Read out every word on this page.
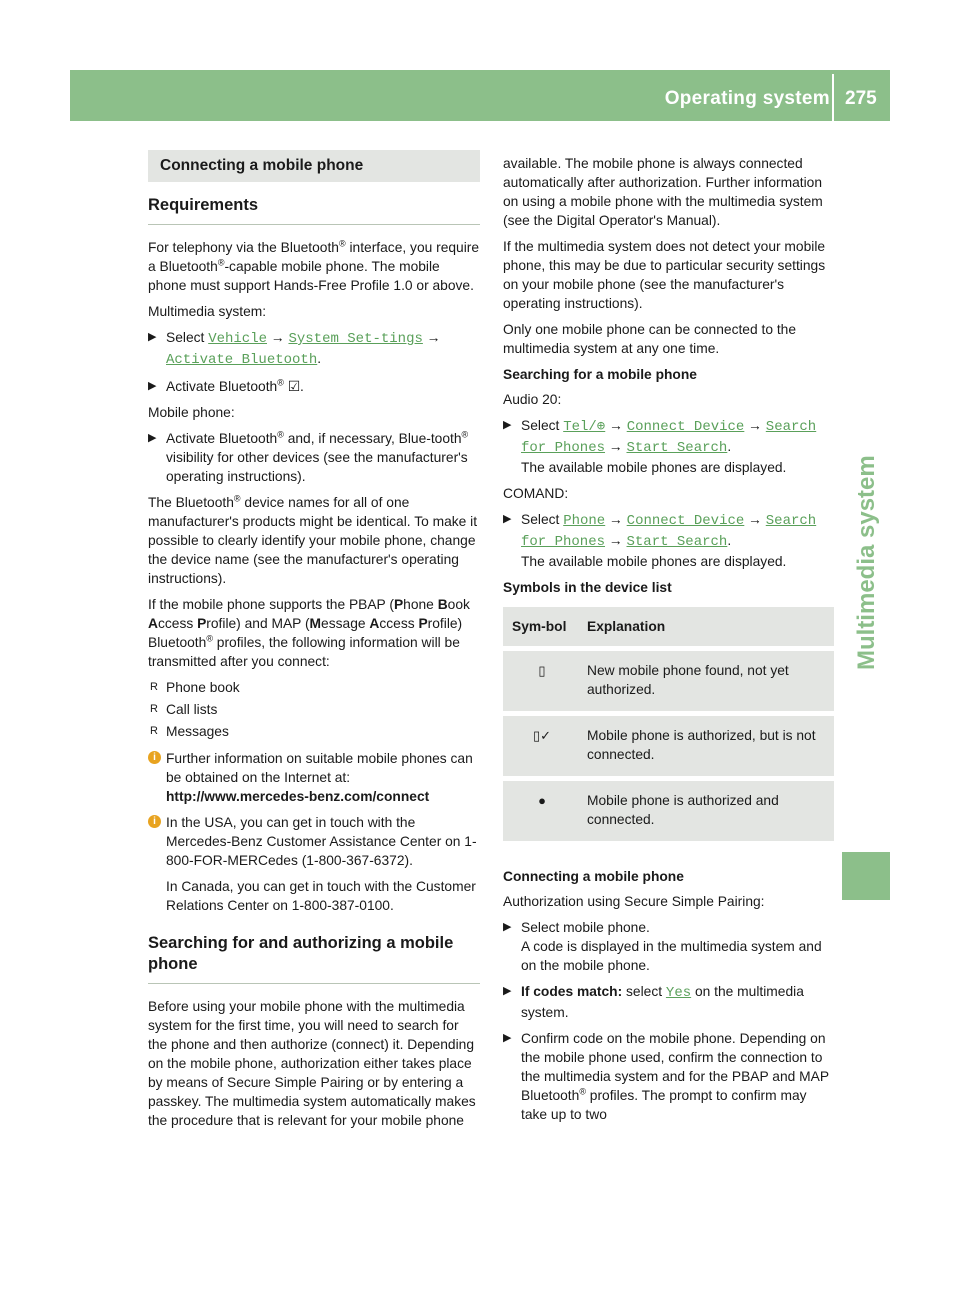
Operating system 275
Multimedia system
Connecting a mobile phone
Requirements

For telephony via the Bluetooth® interface, you require a Bluetooth®-capable mobile phone. The mobile phone must support Hands-Free Profile 1.0 or above.

Multimedia system:

▶ Select Vehicle → System Set‑tings → Activate Bluetooth.
▶ Activate Bluetooth® ☑.

Mobile phone:

▶ Activate Bluetooth® and, if necessary, Blue‑tooth® visibility for other devices (see the manufacturer's operating instructions).

The Bluetooth® device names for all of one manufacturer's products might be identical. To make it possible to clearly identify your mobile phone, change the device name (see the manufacturer's operating instructions).

If the mobile phone supports the PBAP (Phone Book Access Profile) and MAP (Message Access Profile) Bluetooth® profiles, the following information will be transmitted after you connect:

R Phone book
R Call lists
R Messages
i Further information on suitable mobile phones can be obtained on the Internet at:
http://www.mercedes-benz.com/connect
i In the USA, you can get in touch with the Mercedes-Benz Customer Assistance Center on 1-800-FOR-MERCedes (1-800-367-6372).

In Canada, you can get in touch with the Customer Relations Center on 1-800-387-0100.

Searching for and authorizing a mobile phone

Before using your mobile phone with the multimedia system for the first time, you will need to search for the phone and then authorize (connect) it. Depending on the mobile phone, authorization either takes place by means of Secure Simple Pairing or by entering a passkey. The multimedia system automatically makes the procedure that is relevant for your mobile phone

available. The mobile phone is always connected automatically after authorization. Further information on using a mobile phone with the multimedia system (see the Digital Operator's Manual).

If the multimedia system does not detect your mobile phone, this may be due to particular security settings on your mobile phone (see the manufacturer's operating instructions).

Only one mobile phone can be connected to the multimedia system at any one time.

Searching for a mobile phone

Audio 20:

▶ Select Tel/⊕ → Connect Device → Search for Phones → Start Search.
The available mobile phones are displayed.

COMAND:

▶ Select Phone → Connect Device → Search for Phones → Start Search.
The available mobile phones are displayed.

Symbols in the device list

Sym‑bol	Explanation
▯	New mobile phone found, not yet authorized.
▯✓	Mobile phone is authorized, but is not connected.
●	Mobile phone is authorized and connected.

Connecting a mobile phone

Authorization using Secure Simple Pairing:

▶ Select mobile phone.
A code is displayed in the multimedia system and on the mobile phone.
▶ If codes match: select Yes on the multimedia system.
▶ Confirm code on the mobile phone. Depending on the mobile phone used, confirm the connection to the multimedia system and for the PBAP and MAP Bluetooth® profiles. The prompt to confirm may take up to two
